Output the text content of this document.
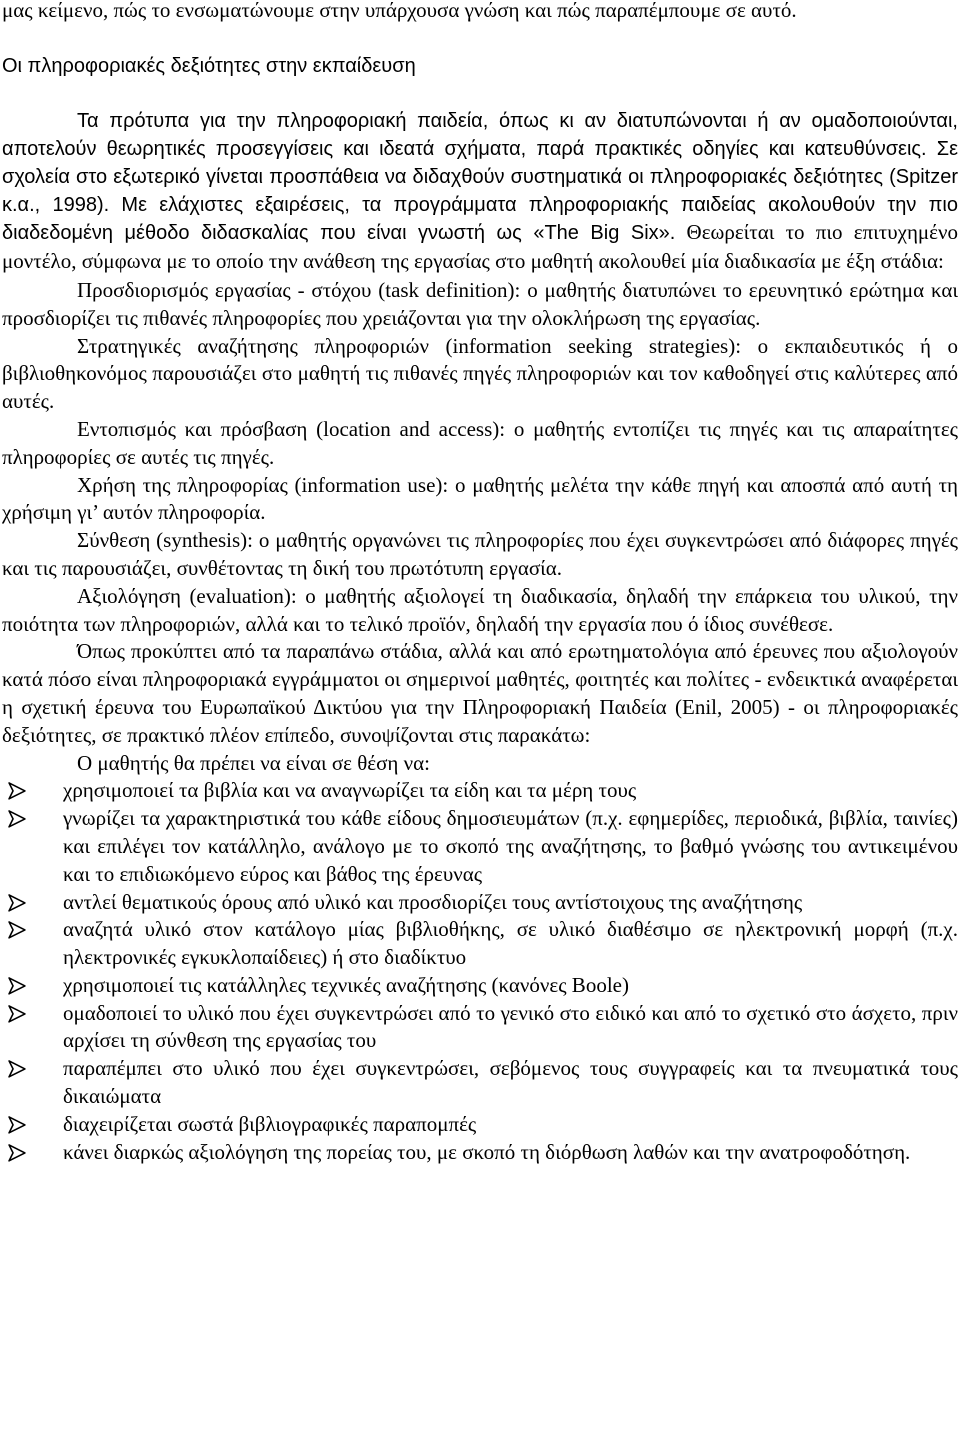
μας κείμενο, πώς το ενσωματώνουμε στην υπάρχουσα γνώση και πώς παραπέμπουμε σε αυτό.

Οι πληροφοριακές δεξιότητες στην εκπαίδευση

Τα πρότυπα για την πληροφοριακή παιδεία, όπως κι αν διατυπώνονται ή αν ομαδοποιούνται, αποτελούν θεωρητικές προσεγγίσεις και ιδεατά σχήματα, παρά πρακτικές οδηγίες και κατευθύνσεις. Σε σχολεία στο εξωτερικό γίνεται προσπάθεια να διδαχθούν συστηματικά οι πληροφοριακές δεξιότητες (Spitzer κ.α., 1998). Με ελάχιστες εξαιρέσεις, τα προγράμματα πληροφοριακής παιδείας ακολουθούν την πιο διαδεδομένη μέθοδο διδασκαλίας που είναι γνωστή ως «The Big Six». Θεωρείται το πιο επιτυχημένο μοντέλο, σύμφωνα με το οποίο την ανάθεση της εργασίας στο μαθητή ακολουθεί μία διαδικασία με έξη στάδια:

Προσδιορισμός εργασίας - στόχου (task definition): ο μαθητής διατυπώνει το ερευνητικό ερώτημα και προσδιορίζει τις πιθανές πληροφορίες που χρειάζονται για την ολοκλήρωση της εργασίας.

Στρατηγικές αναζήτησης πληροφοριών (information seeking strategies): ο εκπαιδευτικός ή ο βιβλιοθηκονόμος παρουσιάζει στο μαθητή τις πιθανές πηγές πληροφοριών και τον καθοδηγεί στις καλύτερες από αυτές.

Εντοπισμός και πρόσβαση (location and access): ο μαθητής εντοπίζει τις πηγές και τις απαραίτητες πληροφορίες σε αυτές τις πηγές.

Χρήση της πληροφορίας (information use): ο μαθητής μελέτα την κάθε πηγή και αποσπά από αυτή τη χρήσιμη γι’ αυτόν πληροφορία.

Σύνθεση (synthesis): ο μαθητής οργανώνει τις πληροφορίες που έχει συγκεντρώσει από διάφορες πηγές και τις παρουσιάζει, συνθέτοντας τη δική του πρωτότυπη εργασία.

Αξιολόγηση (evaluation): ο μαθητής αξιολογεί τη διαδικασία, δηλαδή την επάρκεια του υλικού, την ποιότητα των πληροφοριών, αλλά και το τελικό προϊόν, δηλαδή την εργασία που ό ίδιος συνέθεσε.

Όπως προκύπτει από τα παραπάνω στάδια, αλλά και από ερωτηματολόγια από έρευνες που αξιολογούν κατά πόσο είναι πληροφοριακά εγγράμματοι οι σημερινοί μαθητές, φοιτητές και πολίτες - ενδεικτικά αναφέρεται η σχετική έρευνα του Ευρωπαϊκού Δικτύου για την Πληροφοριακή Παιδεία (Enil, 2005) - οι πληροφοριακές δεξιότητες, σε πρακτικό πλέον επίπεδο, συνοψίζονται στις παρακάτω:

Ο μαθητής θα πρέπει να είναι σε θέση να:

χρησιμοποιεί τα βιβλία και να αναγνωρίζει τα είδη και τα μέρη τους
γνωρίζει τα χαρακτηριστικά του κάθε είδους δημοσιευμάτων (π.χ. εφημερίδες, περιοδικά, βιβλία, ταινίες) και επιλέγει τον κατάλληλο, ανάλογο με το σκοπό της αναζήτησης, το βαθμό γνώσης του αντικειμένου και το επιδιωκόμενο εύρος και βάθος της έρευνας
αντλεί θεματικούς όρους από υλικό και προσδιορίζει τους αντίστοιχους της αναζήτησης
αναζητά υλικό στον κατάλογο μίας βιβλιοθήκης, σε υλικό διαθέσιμο σε ηλεκτρονική μορφή (π.χ. ηλεκτρονικές εγκυκλοπαίδειες) ή στο διαδίκτυο
χρησιμοποιεί τις κατάλληλες τεχνικές αναζήτησης (κανόνες Boole)
ομαδοποιεί το υλικό που έχει συγκεντρώσει από το γενικό στο ειδικό και από το σχετικό στο άσχετο, πριν αρχίσει τη σύνθεση της εργασίας του
παραπέμπει στο υλικό που έχει συγκεντρώσει, σεβόμενος τους συγγραφείς και τα πνευματικά τους δικαιώματα
διαχειρίζεται σωστά βιβλιογραφικές παραπομπές
κάνει διαρκώς αξιολόγηση της πορείας του, με σκοπό τη διόρθωση λαθών και την ανατροφοδότηση.
